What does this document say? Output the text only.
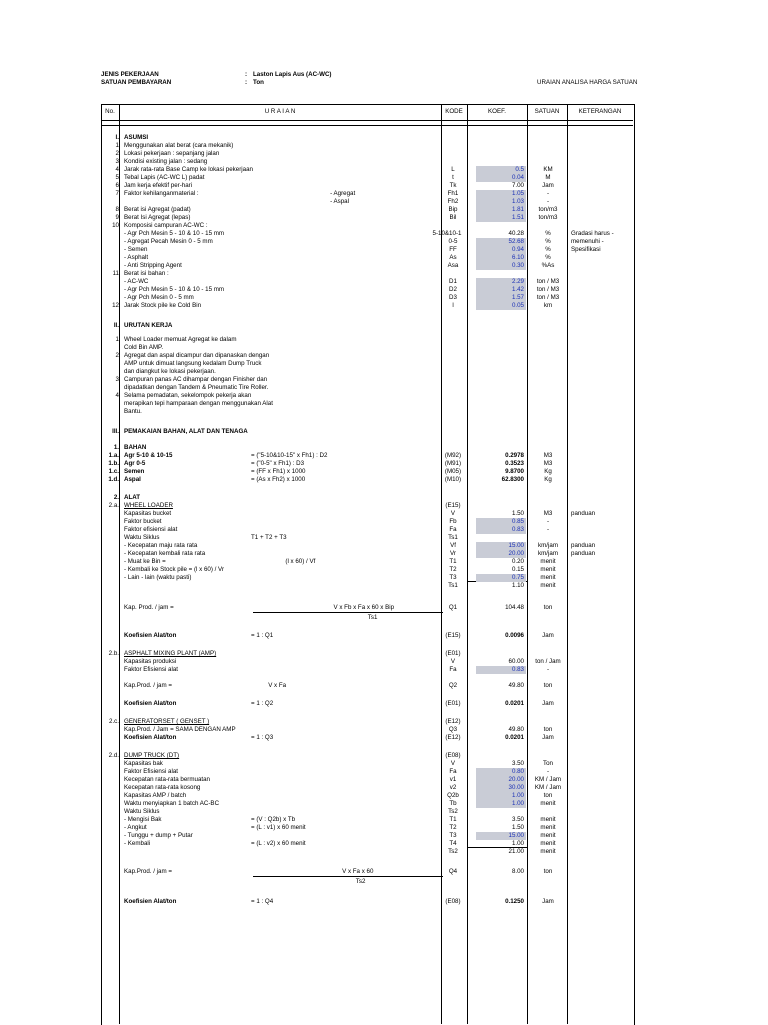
JENIS PEKERJAAN	: Laston Lapis Aus (AC-WC)
SATUAN PEMBAYARAN	: Ton	URAIAN ANALISA HARGA SATUAN
No.	U R A I A N	KODE	KOEF.	SATUAN	KETERANGAN
I. ASUMSI
1 Menggunakan alat berat (cara mekanik)
2 Lokasi pekerjaan : sepanjang jalan
3 Kondisi existing jalan : sedang
4 Jarak rata-rata Base Camp ke lokasi pekerjaan	L	0.5	KM
5 Tebal Lapis (AC-WC L) padat	t	0.04	M
6 Jam kerja efektif per-hari	Tk	7.00	Jam
7 Faktor kehilanganmaterial :	- Agregat	Fh1	1.05	-
- Aspal	Fh2	1.03	-
8 Berat isi Agregat (padat)	Bip	1.81	ton/m3
9 Berat Isi Agregat (lepas)	Bil	1.51	ton/m3
10 Komposisi campuran AC-WC :
- Agr Pch Mesin 5 - 10 & 10 - 15 mm	5-10&10-1	40.28	%	Gradasi harus -
- Agregat Pecah Mesin 0 - 5 mm	0-5	52.68	%	memenuhi -
- Semen	FF	0.94	%	Spesifikasi
- Asphalt	As	6.10	%
- Anti Stripping Agent	Asa	0.30	%As
11 Berat isi bahan :
- AC-WC	D1	2.29	ton / M3
- Agr Pch Mesin 5 - 10 & 10 - 15 mm	D2	1.42	ton / M3
- Agr Pch Mesin 0 - 5 mm	D3	1.57	ton / M3
12 Jarak Stock pile ke Cold Bin	l	0.05	km
II. URUTAN KERJA
1 Wheel Loader memuat Agregat ke dalam
Cold Bin AMP.
2 Agregat dan aspal dicampur dan dipanaskan dengan
AMP untuk dimuat langsung kedalam Dump Truck
dan diangkut ke lokasi pekerjaan.
3 Campuran panas AC dihampar dengan Finisher dan
dipadatkan dengan Tandem & Pneumatic Tire Roller.
4 Selama pemadatan, sekelompok pekerja akan
merapikan tepi hamparaan dengan menggunakan Alat
Bantu.
III. PEMAKAIAN BAHAN, ALAT DAN TENAGA
1. BAHAN
1.a. Agr 5-10 & 10-15	= ("5-10&10-15" x Fh1) : D2	(M92)	0.2978	M3
1.b. Agr 0-5	= ("0-5" x Fh1) : D3	(M91)	0.3523	M3
1.c. Semen	= (FF x Fh1) x 1000	(M05)	9.8700	Kg
1.d. Aspal	= (As x Fh2) x 1000	(M10)	62.8300	Kg
2. ALAT
2.a. WHEEL LOADER	(E15)
Kapasitas bucket	V	1.50	M3	panduan
Faktor bucket	Fb	0.85	-
Faktor efisiensi alat	Fa	0.83	-
Waktu Siklus	T1 + T2 + T3	Ts1
- Kecepatan maju rata rata	Vf	15.00	km/jam	panduan
- Kecepatan kembali rata rata	Vr	20.00	km/jam	panduan
- Muat ke Bin =	(l x 60) / Vf	T1	0.20	menit
- Kembali ke Stock pile = (l x 60) / Vr	T2	0.15	menit
- Lain - lain (waktu pasti)	T3	0.75	menit
Ts1	1.10	menit
Kap. Prod. / jam =	V x Fb x Fa x 60 x Bip	Q1	104.48	ton
Ts1
Koefisien Alat/ton	= 1 : Q1	(E15)	0.0096	Jam
2.b. ASPHALT MIXING PLANT (AMP)	(E01)
Kapasitas produksi	V	60.00	ton / Jam
Faktor Efisiensi alat	Fa	0.83	-
Kap.Prod. / jam =	V x Fa	Q2	49.80	ton
Koefisien Alat/ton	= 1 : Q2	(E01)	0.0201	Jam
2.c. GENERATORSET ( GENSET )	(E12)
Kap.Prod. / Jam = SAMA DENGAN AMP	Q3	49.80	ton
Koefisien Alat/ton	= 1 : Q3	(E12)	0.0201	Jam
2.d. DUMP TRUCK (DT)	(E08)
Kapasitas bak	V	3.50	Ton
Faktor Efisiensi alat	Fa	0.80	-
Kecepatan rata-rata bermuatan	v1	20.00	KM / Jam
Kecepatan rata-rata kosong	v2	30.00	KM / Jam
Kapasitas AMP / batch	Q2b	1.00	ton
Waktu menyiapkan 1 batch AC-BC	Tb	1.00	menit
Waktu Siklus	Ts2
- Mengisi Bak	= (V : Q2b) x Tb	T1	3.50	menit
- Angkut	= (L : v1) x 60 menit	T2	1.50	menit
- Tunggu + dump + Putar	T3	15.00	menit
- Kembali	= (L : v2) x 60 menit	T4	1.00	menit
Ts2	21.00	menit
Kap.Prod. / jam =	V x Fa x 60	Q4	8.00	ton
Ts2
Koefisien Alat/ton	= 1 : Q4	(E08)	0.1250	Jam
